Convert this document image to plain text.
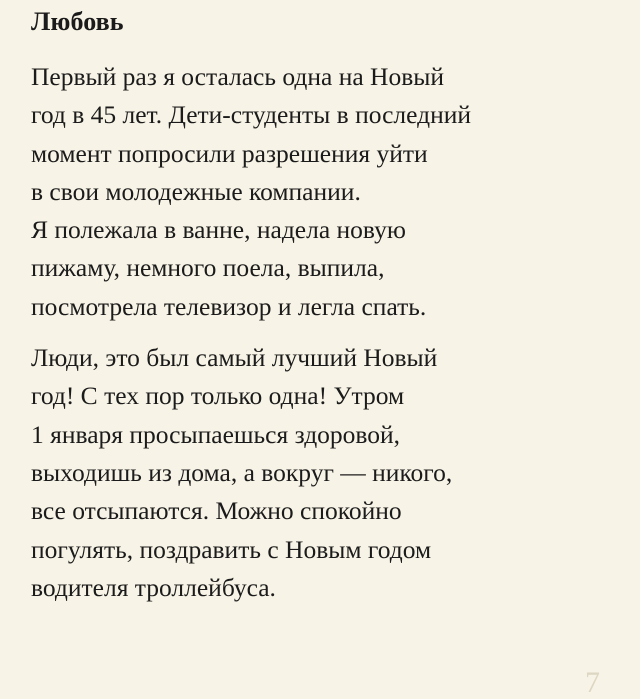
Любовь

Первый раз я осталась одна на Новый
год в 45 лет. Дети-студенты в последний
момент попросили разрешения уйти
в свои молодежные компании.
Я полежала в ванне, надела новую
пижаму, немного поела, выпила,
посмотрела телевизор и легла спать.

Люди, это был самый лучший Новый
год! С тех пор только одна! Утром
1 января просыпаешься здоровой,
выходишь из дома, а вокруг — никого,
все отсыпаются. Можно спокойно
погулять, поздравить с Новым годом
водителя троллейбуса.

7
